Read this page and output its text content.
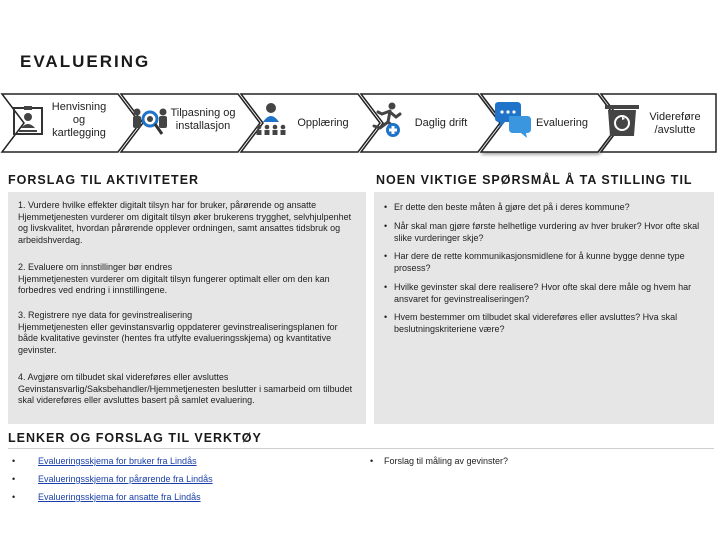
EVALUERING
Henvisning og kartlegging
Tilpasning og installasjon	Opplæring	Daglig drift	Evaluering	Videreføre /avslutte
FORSLAG TIL AKTIVITETER
1. Vurdere hvilke effekter digitalt tilsyn har for bruker, pårørende og ansatte
Hjemmetjenesten vurderer om digitalt tilsyn øker brukerens trygghet, selvhjulpenhet og livskvalitet, hvordan pårørende opplever ordningen, samt ansattes tidsbruk og arbeidshverdag.
2. Evaluere om innstillinger bør endres
Hjemmetjenesten vurderer om digitalt tilsyn fungerer optimalt eller om den kan forbedres ved endring i innstillingene.
3. Registrere nye data for gevinstrealisering
Hjemmetjenesten eller gevinstansvarlig oppdaterer gevinstrealiseringsplanen for både kvalitative gevinster (hentes fra utfylte evalueringsskjema) og kvantitative gevinster.
4. Avgjøre om tilbudet skal videreføres eller avsluttes
Gevinstansvarlig/Saksbehandler/Hjemmetjenesten beslutter i samarbeid om tilbudet skal videreføres eller avsluttes basert på samlet evaluering.
NOEN VIKTIGE SPØRSMÅL Å TA STILLING TIL
• Er dette den beste måten å gjøre det på i deres kommune?
• Når skal man gjøre første helhetlige vurdering av hver bruker? Hvor ofte skal slike vurderinger skje?
• Har dere de rette kommunikasjonsmidlene for å kunne bygge denne type prosess?
• Hvilke gevinster skal dere realisere? Hvor ofte skal dere måle og hvem har ansvaret for gevinstrealiseringen?
• Hvem bestemmer om tilbudet skal videreføres eller avsluttes? Hva skal beslutningskriteriene være?
LENKER OG FORSLAG TIL VERKTØY
•	Evalueringsskjema for bruker fra Lindås
•	Evalueringsskjema for pårørende fra Lindås
•	Evalueringsskjema for ansatte fra Lindås
• Forslag til måling av gevinster?
